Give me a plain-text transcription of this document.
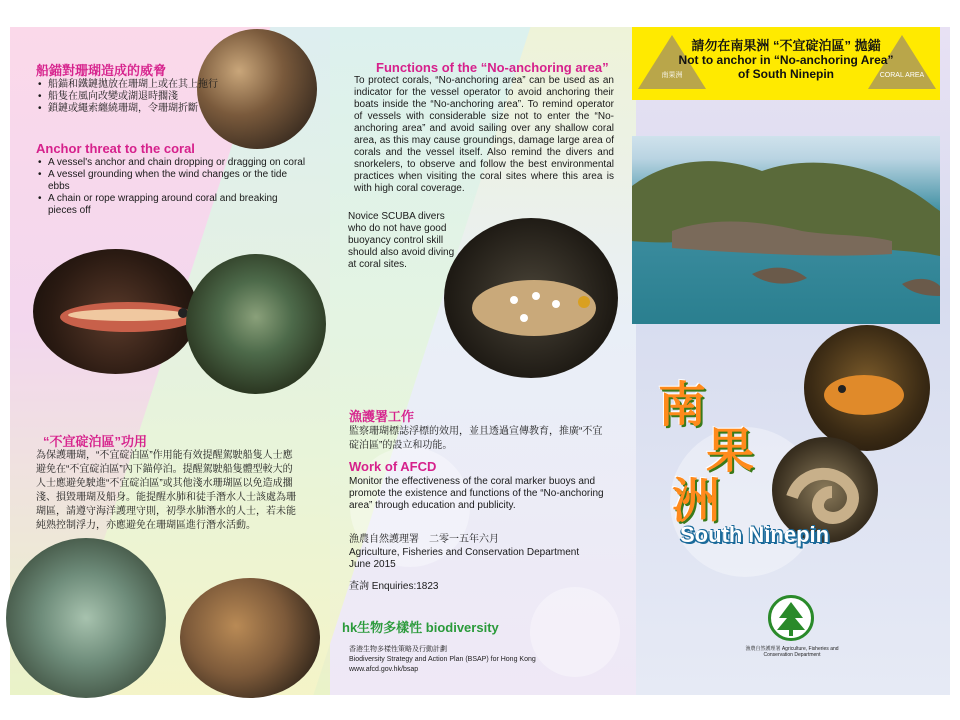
船錨對珊瑚造成的威脅
• 船錨和鐵鏈拋放在珊瑚上或在其上拖行
• 船隻在風向改變或湖退時擱淺
• 鎖鏈或繩索纏繞珊瑚，令珊瑚折斷
Anchor threat to the coral
• A vessel's anchor and chain dropping or dragging on coral
• A vessel grounding when the wind changes or the tide ebbs
• A chain or rope wrapping around coral and breaking pieces off
“不宜碇泊區”功用
為保護珊瑚，“不宜碇泊區”作用能有效提醒駕駛船隻人士應避免在“不宜碇泊區”內下錨停泊。提醒駕駛船隻體型較大的人士應避免駛進“不宜碇泊區”或其他淺水珊瑚區以免造成擱淺、損毀珊瑚及船身。能提醒水肺和徒手潛水人士該處為珊瑚區，請遵守海洋護理守則，初學水肺潛水的人士，若未能純熟控制浮力，亦應避免在珊瑚區進行潛水活動。
Functions of the “No-anchoring area”
To protect corals, “No-anchoring area” can be used as an indicator for the vessel operator to avoid anchoring their boats inside the “No-anchoring area”. To remind operator of vessels with considerable size not to enter the “No-anchoring area” and avoid sailing over any shallow coral area, as this may cause groundings, damage large area of corals and the vessel itself. Also remind the divers and snorkelers, to observe and follow the best environmental practices when visiting the coral sites where this area is with high coral coverage.
Novice SCUBA divers who do not have good buoyancy control skill should also avoid diving at coral sites.
漁護署工作
監察珊瑚標誌浮標的效用，並且透過宣傳教育，推廣“不宜碇泊區”的設立和功能。
Work of AFCD
Monitor the effectiveness of the coral marker buoys and promote the existence and functions of the “No-anchoring area” through education and publicity.
漁農自然護理署　二零一五年六月
Agriculture, Fisheries and Conservation Department
June 2015
查詢 Enquiries:1823
hk生物多樣性 biodiversity
香港生物多樣性策略及行動計劃
Biodiversity Strategy and Action Plan (BSAP) for Hong Kong
www.afcd.gov.hk/bsap
南果洲	CORAL AREA
請勿在南果洲 “不宜碇泊區” 拋錨
Not to anchor in “No-anchoring Area”
of South Ninepin
南
果
洲
South Ninepin
漁農自然護理署 Agriculture, Fisheries and Conservation Department
